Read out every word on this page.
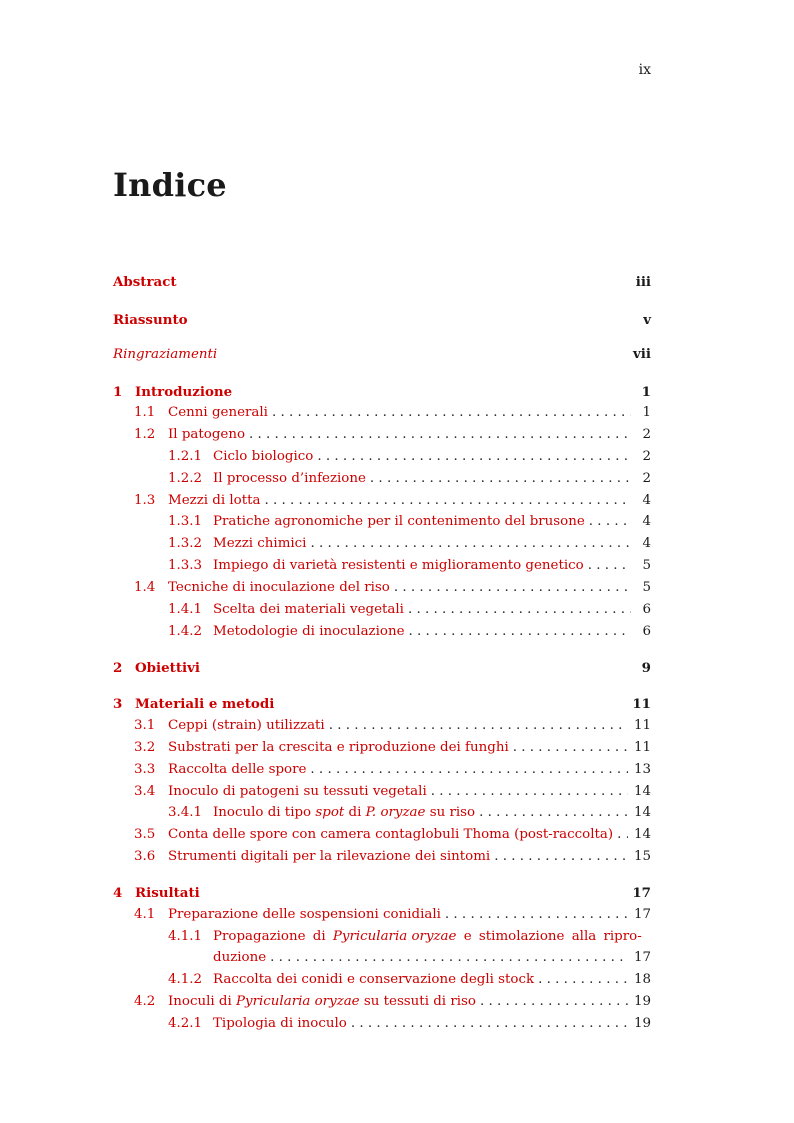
ix
Indice
Abstract	iii
Riassunto	v
Ringraziamenti	vii
1 Introduzione	1
1.1 Cenni generali . . .	1
1.2 Il patogeno . . .	2
1.2.1 Ciclo biologico . . .	2
1.2.2 Il processo d’infezione . . .	2
1.3 Mezzi di lotta . . .	4
1.3.1 Pratiche agronomiche per il contenimento del brusone . . .	4
1.3.2 Mezzi chimici . . .	4
1.3.3 Impiego di varietà resistenti e miglioramento genetico . . .	5
1.4 Tecniche di inoculazione del riso . . .	5
1.4.1 Scelta dei materiali vegetali . . .	6
1.4.2 Metodologie di inoculazione . . .	6
2 Obiettivi	9
3 Materiali e metodi	11
3.1 Ceppi (strain) utilizzati . . .	11
3.2 Substrati per la crescita e riproduzione dei funghi . . .	11
3.3 Raccolta delle spore . . .	13
3.4 Inoculo di patogeni su tessuti vegetali . . .	14
3.4.1 Inoculo di tipo spot di P. oryzae su riso . . .	14
3.5 Conta delle spore con camera contaglobuli Thoma (post-raccolta) . . . 14
3.6 Strumenti digitali per la rilevazione dei sintomi . . .	15
4 Risultati	17
4.1 Preparazione delle sospensioni conidiali . . .	17
4.1.1 Propagazione di Pyricularia oryzae e stimolazione alla ripro-
duzione . . .	17
4.1.2 Raccolta dei conidi e conservazione degli stock . . .	18
4.2 Inoculi di Pyricularia oryzae su tessuti di riso . . .	19
4.2.1 Tipologia di inoculo . . .	19
